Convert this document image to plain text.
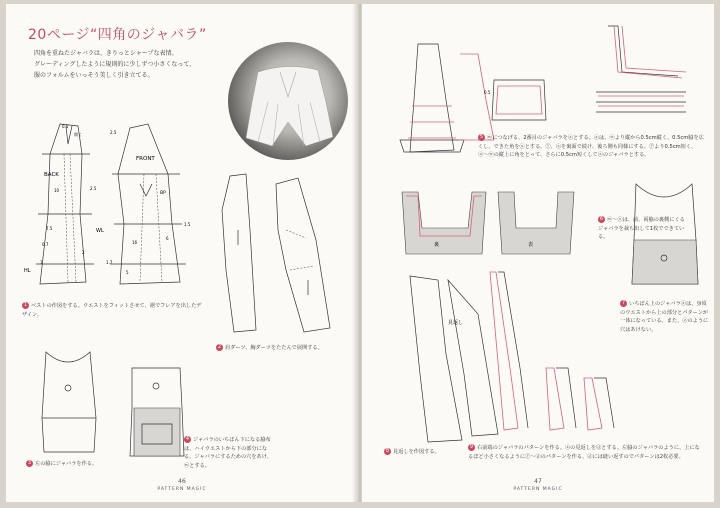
20ページ“四角のジャバラ”
四角を重ねたジャバラは、きりっとシャープな表情。
グレーディングしたように規則的に少しずつ小さくなって、
服のフォルムをいっそう美しく引き立てる。
BACK
FRONT
WL
HL
BP
0.5
開く	2.5
7.5
1.5
0.7
1
2
5
10
6
16
2.5
1.7
1 ベストの作図をする。ウエストをフィットさせて、裾でフレアを出したデザイン。
2 肩ダーツ、胸ダーツをたたんで展開する。
3 左の脇にジャバラを作る。
4 ジャバラのいちばん下になる脇布は、ハイウエストから下の部分になる。ジャバラにするための穴をあけ、ⓦとする。
46
PATTERN MAGIC
0.5
5 ⓦにつなげる、2番目のジャバラをⓧとする。ⓧは、ⓦより縦から0.5cm縦く、0.5cm脇を広くし、できた角をⓧとする。ⓨ、ⓩを裏面で続け、後ろ側も同様にする。ⓨより0.5cm短く、ⓐ〜ⓦの縦上に角をとって、さらに0.5cm短くしてⓩのジャバラとする。
裏	表
6 ⓦ〜ⓩは、前、両脇の裏側にくるジャバラを裁ち出して1枚でできている。
7 いちばん上のジャバラⓩは、身頃のウエストから上の部分とパターンが一体になっている。また、ⓩのように穴はあけない。
見返し
8 見返しを作図する。
9 右前端のジャバラのパターンを作る。ⓧの見返しをⓓとする。左脇のジャバラのように、上になるほど小さくなるようにⓨ〜ⓓのパターンを作る。ⓓには縫い返すのでパターンは2枚必要。
47
PATTERN MAGIC
